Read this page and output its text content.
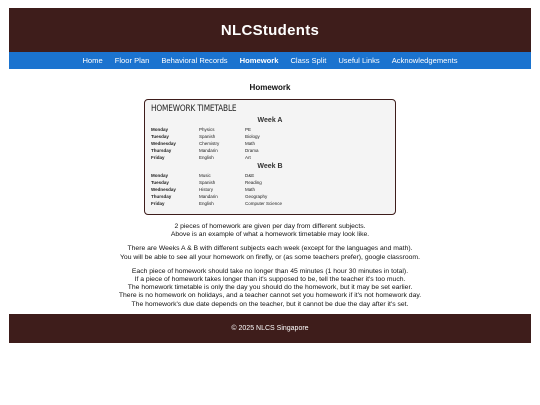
NLCStudents
Home	Floor Plan	Behavioral Records	Homework	Class Split	Useful Links	Acknowledgements
Homework
HOMEWORK TIMETABLE
Week A
Monday	Physics	PE
Tuesday	Spanish	Biology
Wednesday	Chemistry	Math
Thursday	Mandarin	Drama
Friday	English	Art
Week B
Monday	Music	D&E
Tuesday	Spanish	Reading
Wednesday	History	Math
Thursday	Mandarin	Geography
Friday	English	Computer Science
2 pieces of homework are given per day from different subjects.
Above is an example of what a homework timetable may look like.
There are Weeks A & B with different subjects each week (except for the languages and math).
You will be able to see all your homework on firefly, or (as some teachers prefer), google classroom.
Each piece of homework should take no longer than 45 minutes (1 hour 30 minutes in total).
If a piece of homework takes longer than it's supposed to be, tell the teacher it's too much.
The homework timetable is only the day you should do the homework, but it may be set earlier.
There is no homework on holidays, and a teacher cannot set you homework if it's not homework day.
The homework's due date depends on the teacher, but it cannot be due the day after it's set.
© 2025 NLCS Singapore
